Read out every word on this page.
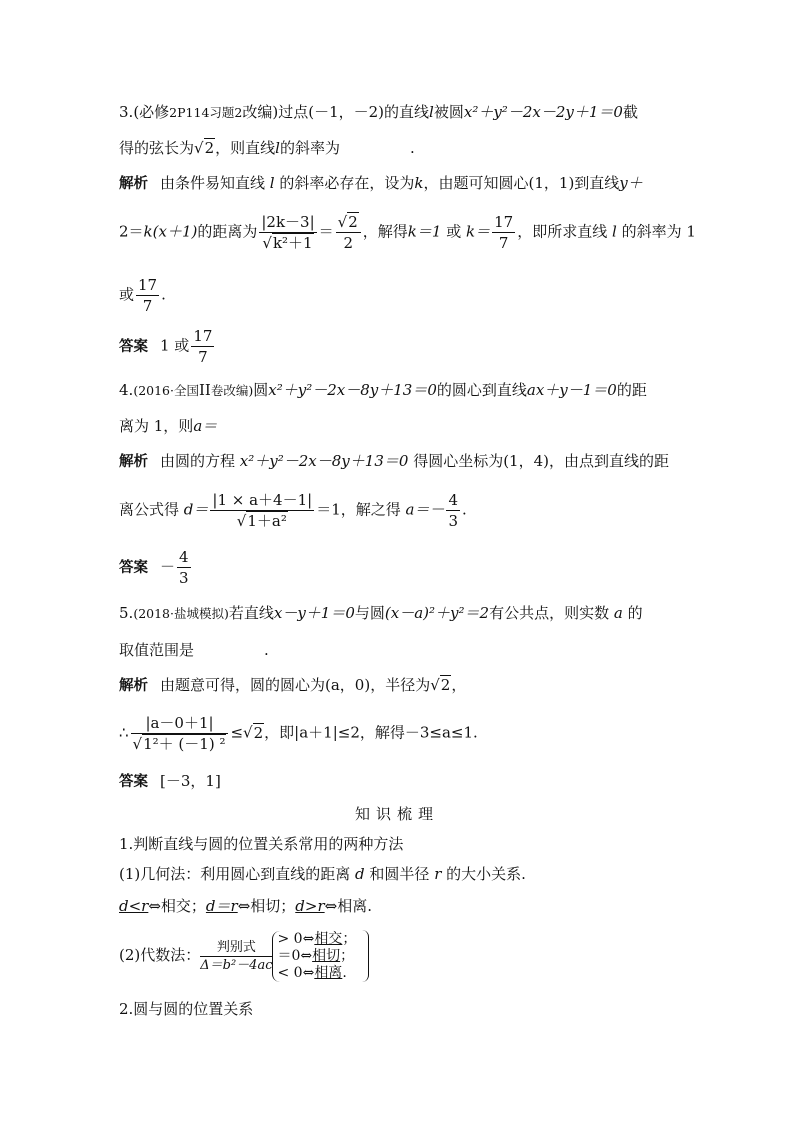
3.(必修2P114习题2改编)过点(－1，－2)的直线l被圆x²＋y²－2x－2y＋1＝0截
得的弦长为√2，则直线l的斜率为	.
解析 由条件易知直线 l 的斜率必存在，设为k，由题可知圆心(1，1)到直线y＋
2＝k(x＋1)的距离为 $\frac{|2k-3|}{\text{√k²＋1}} = \frac{√2}{2}$ ，解得k＝1 或 $k= \frac{17}{7}$ ，即所求直线 l 的斜率为 1
或 $\frac{17}{7}$ .
答案 1 或 $\frac{17}{7}$
4.(2016·全国II卷改编)圆x²＋y²－2x－8y＋13＝0的圆心到直线ax＋y－1＝0的距
离为 1，则a＝
解析 由圆的方程 x²＋y²－2x－8y＋13＝0 得圆心坐标为(1，4)，由点到直线的距
离公式得 $d= \frac{|1 \times a+4-1|}{\text{√1＋a²}} =1$，解之得 $a=- \frac{4}{3}$ .
答案 － $\frac{4}{3}$
5.(2018·盐城模拟)若直线x－y＋1＝0与圆(x－a)²＋y²＝2有公共点，则实数 a 的
取值范围是	.
解析 由题意可得，圆的圆心为(a，0)，半径为√2，
∴ $\frac{|a-0+1|}{\text{√1²＋ (－1) ²}} \le√2$，即|a＋1|≤2，解得－3≤a≤1.
答案 [－3，1]
知识梳理
1.判断直线与圆的位置关系常用的两种方法
(1)几何法：利用圆心到直线的距离 d 和圆半径 r 的大小关系.
d<r⇔相交；d＝r⇔相切；d>r⇔相离.
(2)代数法：	判别式
Δ＝b²－4ac
> 0⇔相交；
＝0⇔相切；
< 0⇔相离.
2.圆与圆的位置关系
